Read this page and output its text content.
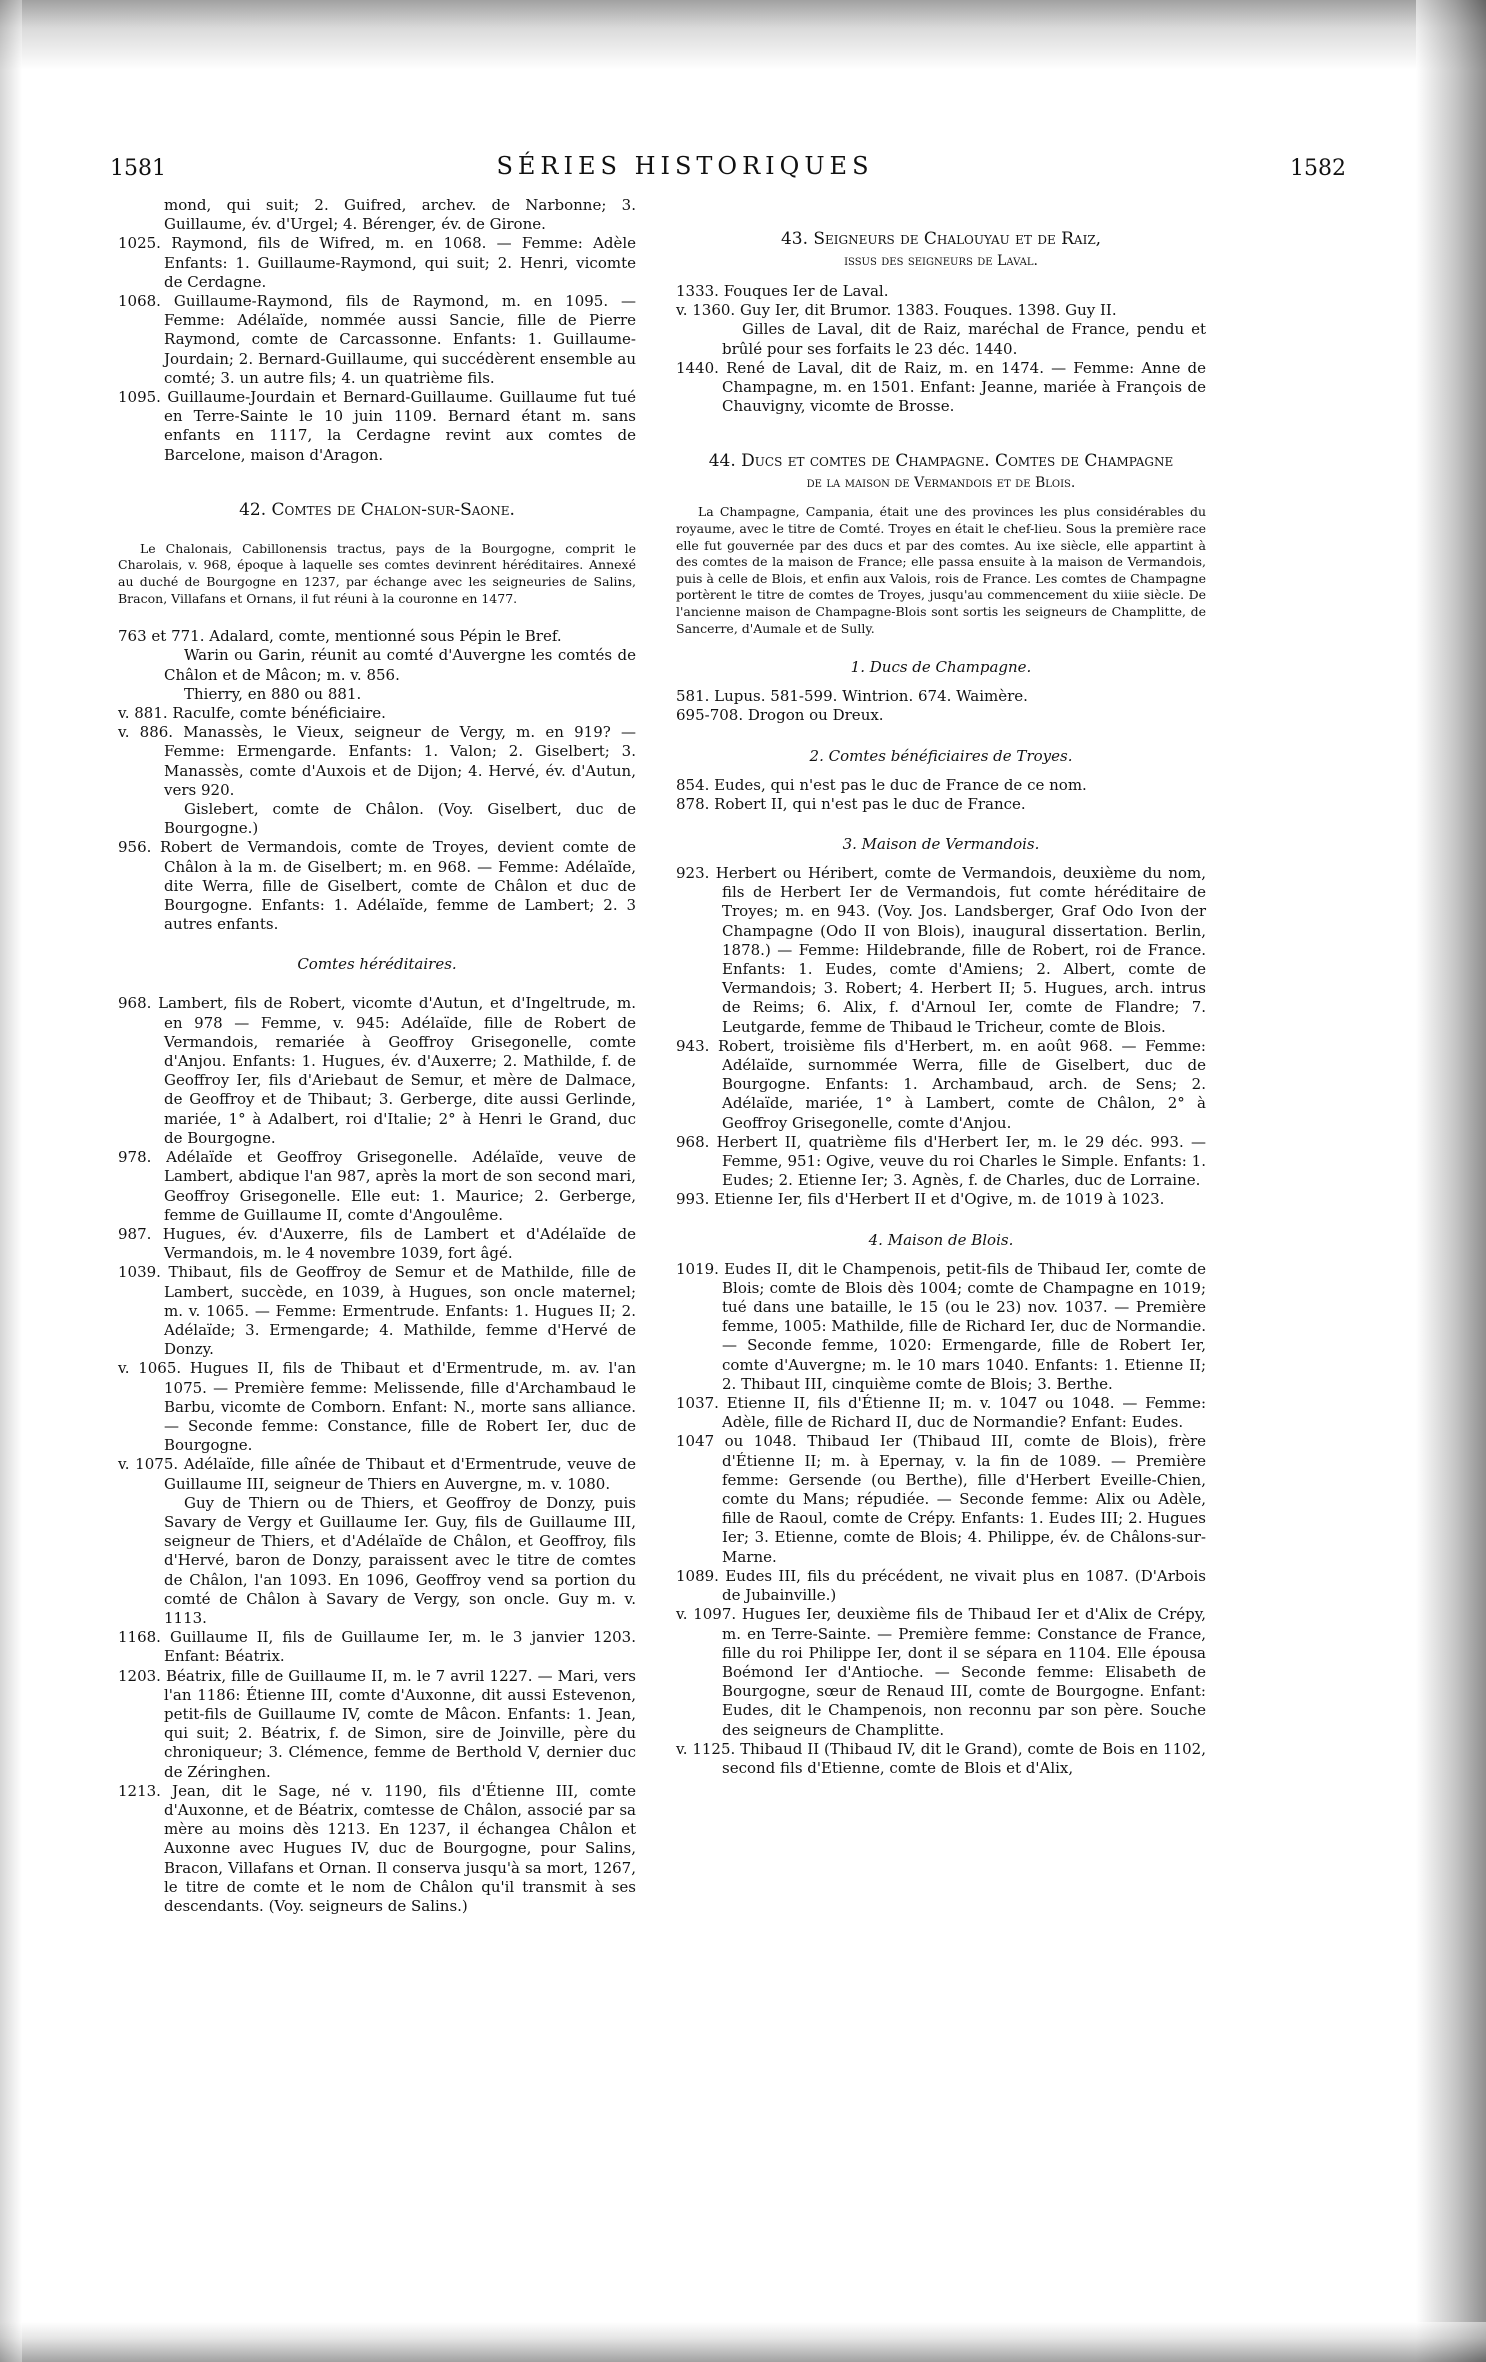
1581	SÉRIES HISTORIQUES	1582

mond, qui suit; 2. Guifred, archev. de Narbonne; 3. Guillaume, év. d'Urgel; 4. Bérenger, év. de Girone.

1025. Raymond, fils de Wifred, m. en 1068. — Femme: Adèle Enfants: 1. Guillaume-Raymond, qui suit; 2. Henri, vicomte de Cerdagne.

1068. Guillaume-Raymond, fils de Raymond, m. en 1095. — Femme: Adélaïde, nommée aussi Sancie, fille de Pierre Raymond, comte de Carcassonne. Enfants: 1. Guillaume-Jourdain; 2. Bernard-Guillaume, qui succédèrent ensemble au comté; 3. un autre fils; 4. un quatrième fils.

1095. Guillaume-Jourdain et Bernard-Guillaume. Guillaume fut tué en Terre-Sainte le 10 juin 1109. Bernard étant m. sans enfants en 1117, la Cerdagne revint aux comtes de Barcelone, maison d'Aragon.

42. Comtes de Chalon-sur-Saone.

Le Chalonais, Cabillonensis tractus, pays de la Bourgogne, comprit le Charolais, v. 968, époque à laquelle ses comtes devinrent héréditaires. Annexé au duché de Bourgogne en 1237, par échange avec les seigneuries de Salins, Bracon, Villafans et Ornans, il fut réuni à la couronne en 1477.

763 et 771. Adalard, comte, mentionné sous Pépin le Bref.

Warin ou Garin, réunit au comté d'Auvergne les comtés de Châlon et de Mâcon; m. v. 856.

Thierry, en 880 ou 881.

v. 881. Raculfe, comte bénéficiaire.

v. 886. Manassès, le Vieux, seigneur de Vergy, m. en 919? — Femme: Ermengarde. Enfants: 1. Valon; 2. Giselbert; 3. Manassès, comte d'Auxois et de Dijon; 4. Hervé, év. d'Autun, vers 920.

Gislebert, comte de Châlon. (Voy. Giselbert, duc de Bourgogne.)

956. Robert de Vermandois, comte de Troyes, devient comte de Châlon à la m. de Giselbert; m. en 968. — Femme: Adélaïde, dite Werra, fille de Giselbert, comte de Châlon et duc de Bourgogne. Enfants: 1. Adélaïde, femme de Lambert; 2. 3 autres enfants.

Comtes héréditaires.

968. Lambert, fils de Robert, vicomte d'Autun, et d'Ingeltrude, m. en 978 — Femme, v. 945: Adélaïde, fille de Robert de Vermandois, remariée à Geoffroy Grisegonelle, comte d'Anjou. Enfants: 1. Hugues, év. d'Auxerre; 2. Mathilde, f. de Geoffroy Ier, fils d'Ariebaut de Semur, et mère de Dalmace, de Geoffroy et de Thibaut; 3. Gerberge, dite aussi Gerlinde, mariée, 1° à Adalbert, roi d'Italie; 2° à Henri le Grand, duc de Bourgogne.

978. Adélaïde et Geoffroy Grisegonelle. Adélaïde, veuve de Lambert, abdique l'an 987, après la mort de son second mari, Geoffroy Grisegonelle. Elle eut: 1. Maurice; 2. Gerberge, femme de Guillaume II, comte d'Angoulême.

987. Hugues, év. d'Auxerre, fils de Lambert et d'Adélaïde de Vermandois, m. le 4 novembre 1039, fort âgé.

1039. Thibaut, fils de Geoffroy de Semur et de Mathilde, fille de Lambert, succède, en 1039, à Hugues, son oncle maternel; m. v. 1065. — Femme: Ermentrude. Enfants: 1. Hugues II; 2. Adélaïde; 3. Ermengarde; 4. Mathilde, femme d'Hervé de Donzy.

v. 1065. Hugues II, fils de Thibaut et d'Ermentrude, m. av. l'an 1075. — Première femme: Melissende, fille d'Archambaud le Barbu, vicomte de Comborn. Enfant: N., morte sans alliance. — Seconde femme: Constance, fille de Robert Ier, duc de Bourgogne.

v. 1075. Adélaïde, fille aînée de Thibaut et d'Ermentrude, veuve de Guillaume III, seigneur de Thiers en Auvergne, m. v. 1080.

Guy de Thiern ou de Thiers, et Geoffroy de Donzy, puis Savary de Vergy et Guillaume Ier. Guy, fils de Guillaume III, seigneur de Thiers, et d'Adélaïde de Châlon, et Geoffroy, fils d'Hervé, baron de Donzy, paraissent avec le titre de comtes de Châlon, l'an 1093. En 1096, Geoffroy vend sa portion du comté de Châlon à Savary de Vergy, son oncle. Guy m. v. 1113.

1168. Guillaume II, fils de Guillaume Ier, m. le 3 janvier 1203. Enfant: Béatrix.

1203. Béatrix, fille de Guillaume II, m. le 7 avril 1227. — Mari, vers l'an 1186: Étienne III, comte d'Auxonne, dit aussi Estevenon, petit-fils de Guillaume IV, comte de Mâcon. Enfants: 1. Jean, qui suit; 2. Béatrix, f. de Simon, sire de Joinville, père du chroniqueur; 3. Clémence, femme de Berthold V, dernier duc de Zéringhen.

1213. Jean, dit le Sage, né v. 1190, fils d'Étienne III, comte d'Auxonne, et de Béatrix, comtesse de Châlon, associé par sa mère au moins dès 1213. En 1237, il échangea Châlon et Auxonne avec Hugues IV, duc de Bourgogne, pour Salins, Bracon, Villafans et Ornan. Il conserva jusqu'à sa mort, 1267, le titre de comte et le nom de Châlon qu'il transmit à ses descendants. (Voy. seigneurs de Salins.)

43. Seigneurs de Chalouyau et de Raiz,

issus des seigneurs de Laval.

1333. Fouques Ier de Laval.

v. 1360. Guy Ier, dit Brumor. 1383. Fouques. 1398. Guy II.

Gilles de Laval, dit de Raiz, maréchal de France, pendu et brûlé pour ses forfaits le 23 déc. 1440.

1440. René de Laval, dit de Raiz, m. en 1474. — Femme: Anne de Champagne, m. en 1501. Enfant: Jeanne, mariée à François de Chauvigny, vicomte de Brosse.

44. Ducs et comtes de Champagne. Comtes de Champagne

de la maison de Vermandois et de Blois.

La Champagne, Campania, était une des provinces les plus considérables du royaume, avec le titre de Comté. Troyes en était le chef-lieu. Sous la première race elle fut gouvernée par des ducs et par des comtes. Au ixe siècle, elle appartint à des comtes de la maison de France; elle passa ensuite à la maison de Vermandois, puis à celle de Blois, et enfin aux Valois, rois de France. Les comtes de Champagne portèrent le titre de comtes de Troyes, jusqu'au commencement du xiiie siècle. De l'ancienne maison de Champagne-Blois sont sortis les seigneurs de Champlitte, de Sancerre, d'Aumale et de Sully.

1. Ducs de Champagne.

581. Lupus. 581-599. Wintrion. 674. Waimère.

695-708. Drogon ou Dreux.

2. Comtes bénéficiaires de Troyes.

854. Eudes, qui n'est pas le duc de France de ce nom.

878. Robert II, qui n'est pas le duc de France.

3. Maison de Vermandois.

923. Herbert ou Héribert, comte de Vermandois, deuxième du nom, fils de Herbert Ier de Vermandois, fut comte héréditaire de Troyes; m. en 943. (Voy. Jos. Landsberger, Graf Odo Ivon der Champagne (Odo II von Blois), inaugural dissertation. Berlin, 1878.) — Femme: Hildebrande, fille de Robert, roi de France. Enfants: 1. Eudes, comte d'Amiens; 2. Albert, comte de Vermandois; 3. Robert; 4. Herbert II; 5. Hugues, arch. intrus de Reims; 6. Alix, f. d'Arnoul Ier, comte de Flandre; 7. Leutgarde, femme de Thibaud le Tricheur, comte de Blois.

943. Robert, troisième fils d'Herbert, m. en août 968. — Femme: Adélaïde, surnommée Werra, fille de Giselbert, duc de Bourgogne. Enfants: 1. Archambaud, arch. de Sens; 2. Adélaïde, mariée, 1° à Lambert, comte de Châlon, 2° à Geoffroy Grisegonelle, comte d'Anjou.

968. Herbert II, quatrième fils d'Herbert Ier, m. le 29 déc. 993. — Femme, 951: Ogive, veuve du roi Charles le Simple. Enfants: 1. Eudes; 2. Etienne Ier; 3. Agnès, f. de Charles, duc de Lorraine.

993. Etienne Ier, fils d'Herbert II et d'Ogive, m. de 1019 à 1023.

4. Maison de Blois.

1019. Eudes II, dit le Champenois, petit-fils de Thibaud Ier, comte de Blois; comte de Blois dès 1004; comte de Champagne en 1019; tué dans une bataille, le 15 (ou le 23) nov. 1037. — Première femme, 1005: Mathilde, fille de Richard Ier, duc de Normandie. — Seconde femme, 1020: Ermengarde, fille de Robert Ier, comte d'Auvergne; m. le 10 mars 1040. Enfants: 1. Etienne II; 2. Thibaut III, cinquième comte de Blois; 3. Berthe.

1037. Etienne II, fils d'Étienne II; m. v. 1047 ou 1048. — Femme: Adèle, fille de Richard II, duc de Normandie? Enfant: Eudes.

1047 ou 1048. Thibaud Ier (Thibaud III, comte de Blois), frère d'Étienne II; m. à Epernay, v. la fin de 1089. — Première femme: Gersende (ou Berthe), fille d'Herbert Eveille-Chien, comte du Mans; répudiée. — Seconde femme: Alix ou Adèle, fille de Raoul, comte de Crépy. Enfants: 1. Eudes III; 2. Hugues Ier; 3. Etienne, comte de Blois; 4. Philippe, év. de Châlons-sur-Marne.

1089. Eudes III, fils du précédent, ne vivait plus en 1087. (D'Arbois de Jubainville.)

v. 1097. Hugues Ier, deuxième fils de Thibaud Ier et d'Alix de Crépy, m. en Terre-Sainte. — Première femme: Constance de France, fille du roi Philippe Ier, dont il se sépara en 1104. Elle épousa Boémond Ier d'Antioche. — Seconde femme: Elisabeth de Bourgogne, sœur de Renaud III, comte de Bourgogne. Enfant: Eudes, dit le Champenois, non reconnu par son père. Souche des seigneurs de Champlitte.

v. 1125. Thibaud II (Thibaud IV, dit le Grand), comte de Bois en 1102, second fils d'Etienne, comte de Blois et d'Alix,
